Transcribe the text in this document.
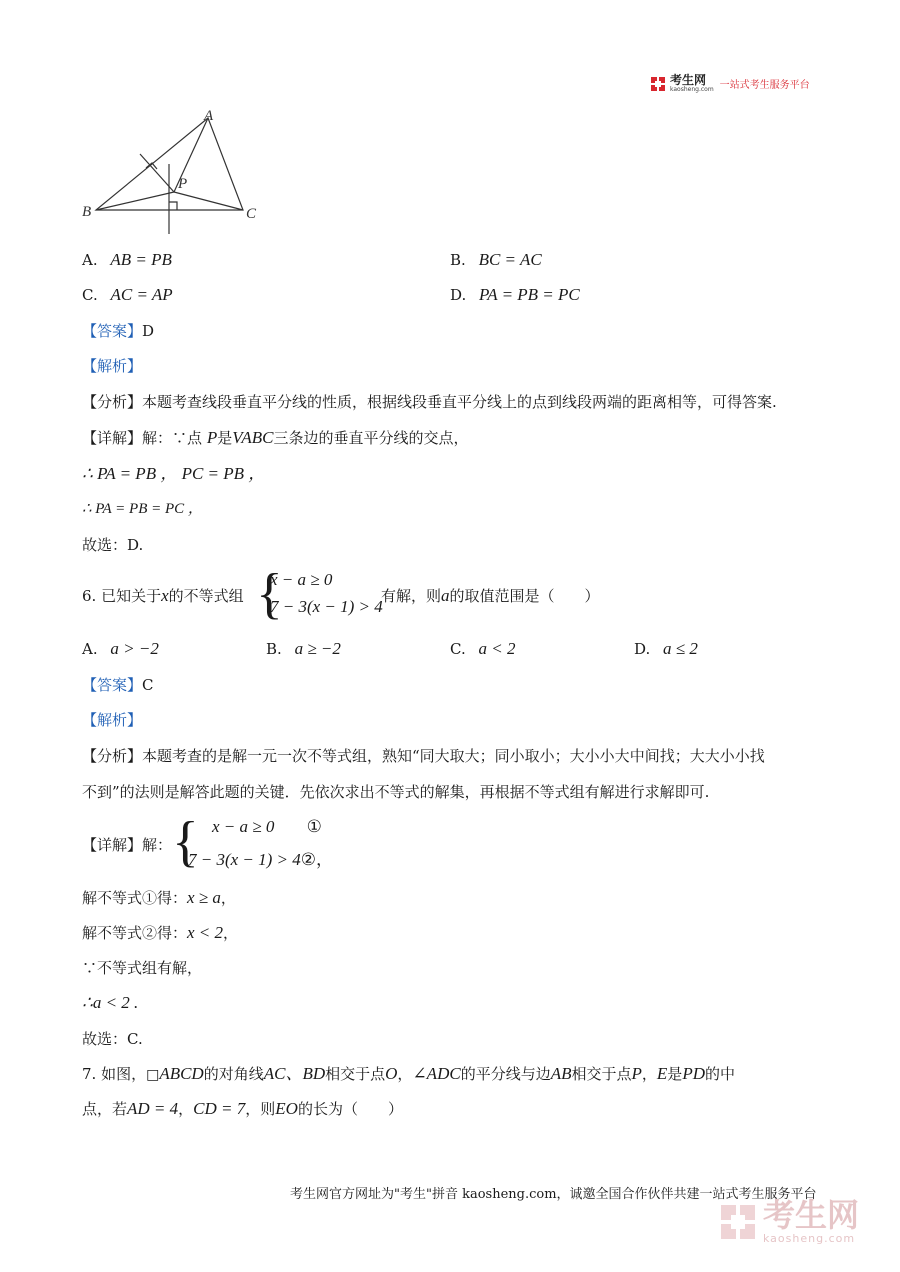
考生网
kaosheng.com 一站式考生服务平台
A
B	C
P
A. AB = PB	B. BC = AC
C. AC = AP	D. PA = PB = PC
【答案】D
【解析】
【分析】本题考查线段垂直平分线的性质，根据线段垂直平分线上的点到线段两端的距离相等，可得答案.
【详解】解：∵点 P是VABC三条边的垂直平分线的交点，
∴ PA = PB ， PC = PB ，
∴ PA = PB = PC ，
故选：D.
6. 已知关于x的不等式组 {
x − a ≥ 0
7 − 3(x − 1) > 4
有解，则a的取值范围是（　　）
A. a > −2	B. a ≥ −2	C. a < 2	D. a ≤ 2
【答案】C
【解析】
【分析】本题考查的是解一元一次不等式组，熟知“同大取大；同小取小；大小小大中间找；大大小小找
不到”的法则是解答此题的关键．先依次求出不等式的解集，再根据不等式组有解进行求解即可.
【详解】解： { x − a ≥ 0 ①
7 − 3(x − 1) > 4②，
解不等式①得：x ≥ a，
解不等式②得：x < 2，
∵不等式组有解，
∴a < 2 .
故选：C.
7. 如图，□ABCD的对角线AC、BD相交于点O，∠ADC的平分线与边AB相交于点P，E是PD的中
点，若AD = 4，CD = 7，则EO的长为（　　）
考生网官方网址为"考生"拼音 kaosheng.com，诚邀全国合作伙伴共建一站式考生服务平台
考生网
kaosheng.com
